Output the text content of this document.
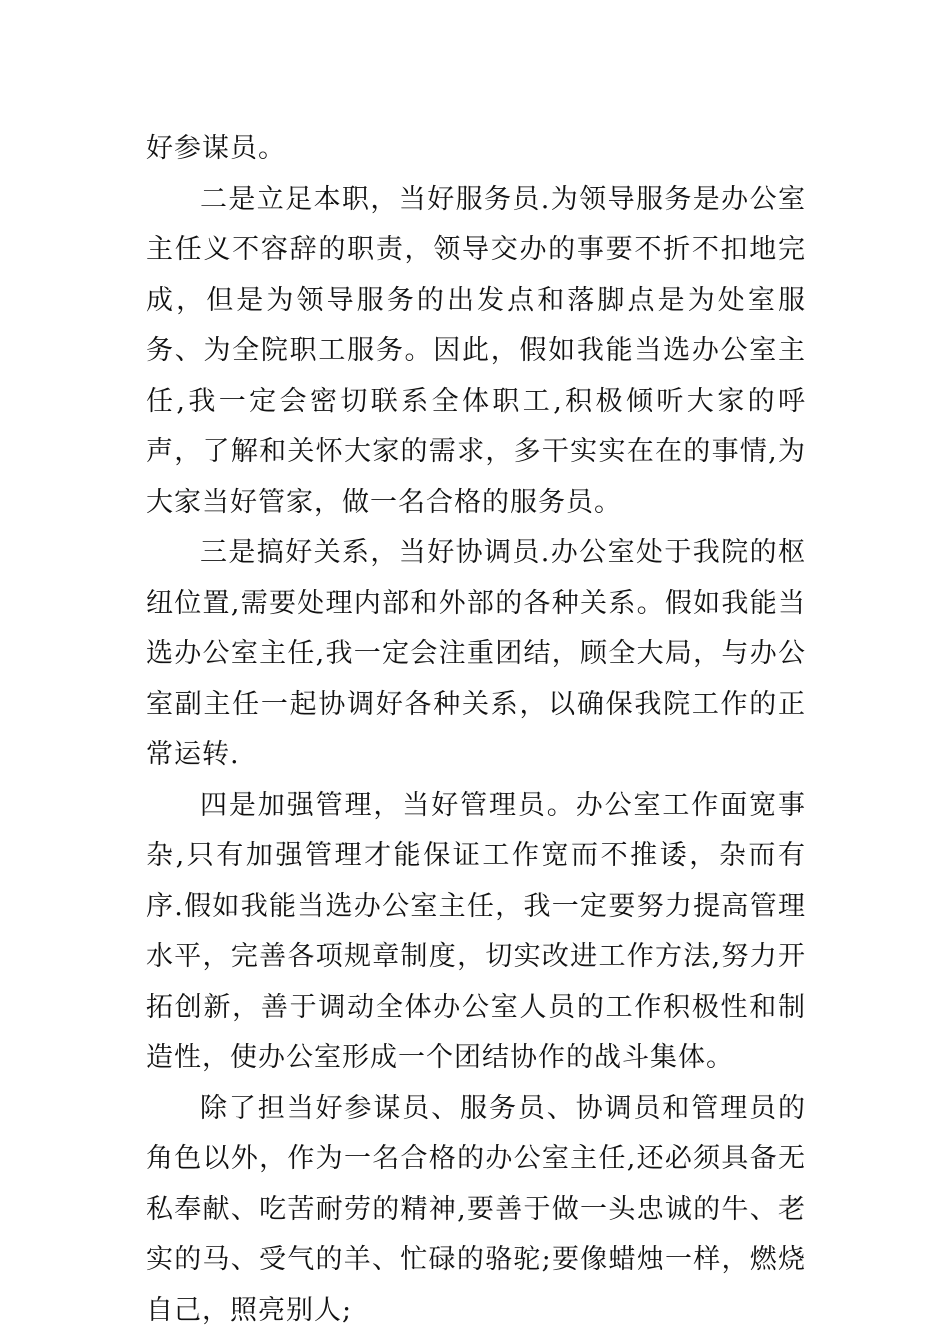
好参谋员。

二是立足本职，当好服务员.为领导服务是办公室主任义不容辞的职责，领导交办的事要不折不扣地完成，但是为领导服务的出发点和落脚点是为处室服务、为全院职工服务。因此，假如我能当选办公室主任,我一定会密切联系全体职工,积极倾听大家的呼声，了解和关怀大家的需求，多干实实在在的事情,为大家当好管家，做一名合格的服务员。

三是搞好关系，当好协调员.办公室处于我院的枢纽位置,需要处理内部和外部的各种关系。假如我能当选办公室主任,我一定会注重团结，顾全大局，与办公室副主任一起协调好各种关系，以确保我院工作的正常运转.

四是加强管理，当好管理员。办公室工作面宽事杂,只有加强管理才能保证工作宽而不推诿，杂而有序.假如我能当选办公室主任，我一定要努力提高管理水平，完善各项规章制度，切实改进工作方法,努力开拓创新，善于调动全体办公室人员的工作积极性和制造性，使办公室形成一个团结协作的战斗集体。

除了担当好参谋员、服务员、协调员和管理员的角色以外，作为一名合格的办公室主任,还必须具备无私奉献、吃苦耐劳的精神,要善于做一头忠诚的牛、老实的马、受气的羊、忙碌的骆驼;要像蜡烛一样，燃烧自己，照亮别人;
